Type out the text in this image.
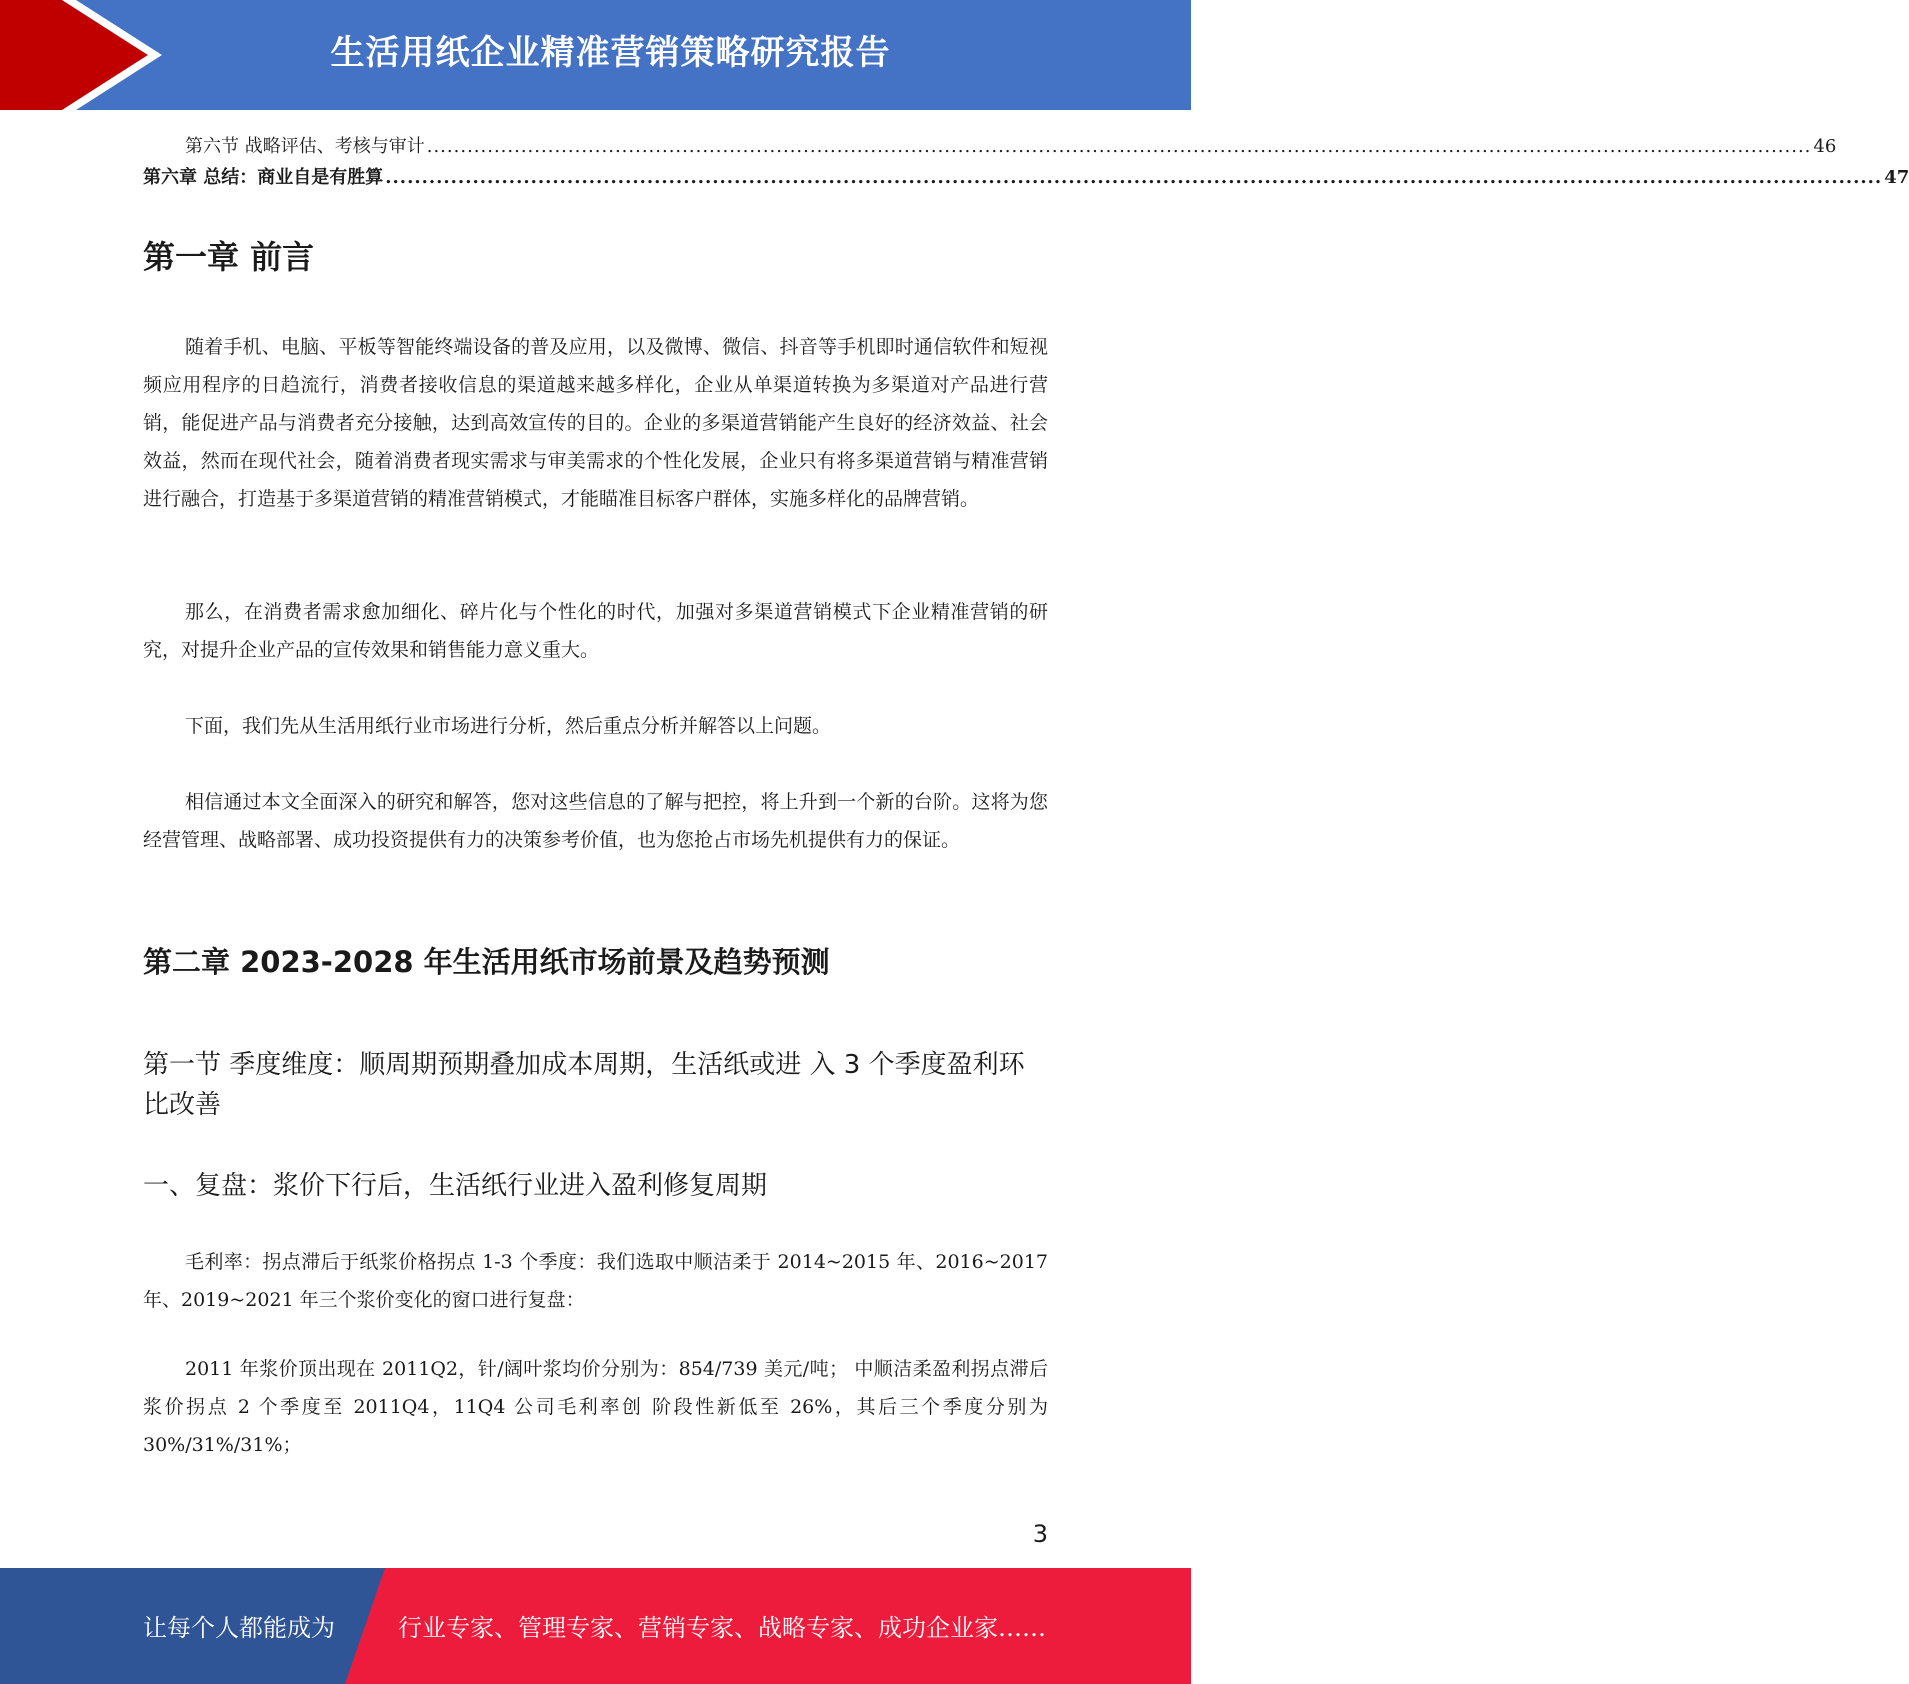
生活用纸企业精准营销策略研究报告
第六节 战略评估、考核与审计 .............................................................................................................................................................................................................. 46
第六章 总结：商业自是有胜算 .............................................................................................................................................................................................................. 47
第一章 前言

随着手机、电脑、平板等智能终端设备的普及应用，以及微博、微信、抖音等手机即时通信软件和短视频应用程序的日趋流行，消费者接收信息的渠道越来越多样化，企业从单渠道转换为多渠道对产品进行营销，能促进产品与消费者充分接触，达到高效宣传的目的。企业的多渠道营销能产生良好的经济效益、社会效益，然而在现代社会，随着消费者现实需求与审美需求的个性化发展，企业只有将多渠道营销与精准营销进行融合，打造基于多渠道营销的精准营销模式，才能瞄准目标客户群体，实施多样化的品牌营销。

那么，在消费者需求愈加细化、碎片化与个性化的时代，加强对多渠道营销模式下企业精准营销的研究，对提升企业产品的宣传效果和销售能力意义重大。

下面，我们先从生活用纸行业市场进行分析，然后重点分析并解答以上问题。

相信通过本文全面深入的研究和解答，您对这些信息的了解与把控，将上升到一个新的台阶。这将为您经营管理、战略部署、成功投资提供有力的决策参考价值，也为您抢占市场先机提供有力的保证。

第二章 2023-2028 年生活用纸市场前景及趋势预测
第一节 季度维度：顺周期预期叠加成本周期，生活纸或进 入 3 个季度盈利环比改善
一、复盘：浆价下行后，生活纸行业进入盈利修复周期

毛利率：拐点滞后于纸浆价格拐点 1-3 个季度：我们选取中顺洁柔于 2014~2015 年、2016~2017 年、2019~2021 年三个浆价变化的窗口进行复盘：

2011 年浆价顶出现在 2011Q2，针/阔叶浆均价分别为：854/739 美元/吨； 中顺洁柔盈利拐点滞后浆价拐点 2 个季度至 2011Q4，11Q4 公司毛利率创 阶段性新低至 26%，其后三个季度分别为 30%/31%/31%；

3
让每个人都能成为	行业专家、管理专家、营销专家、战略专家、成功企业家……
